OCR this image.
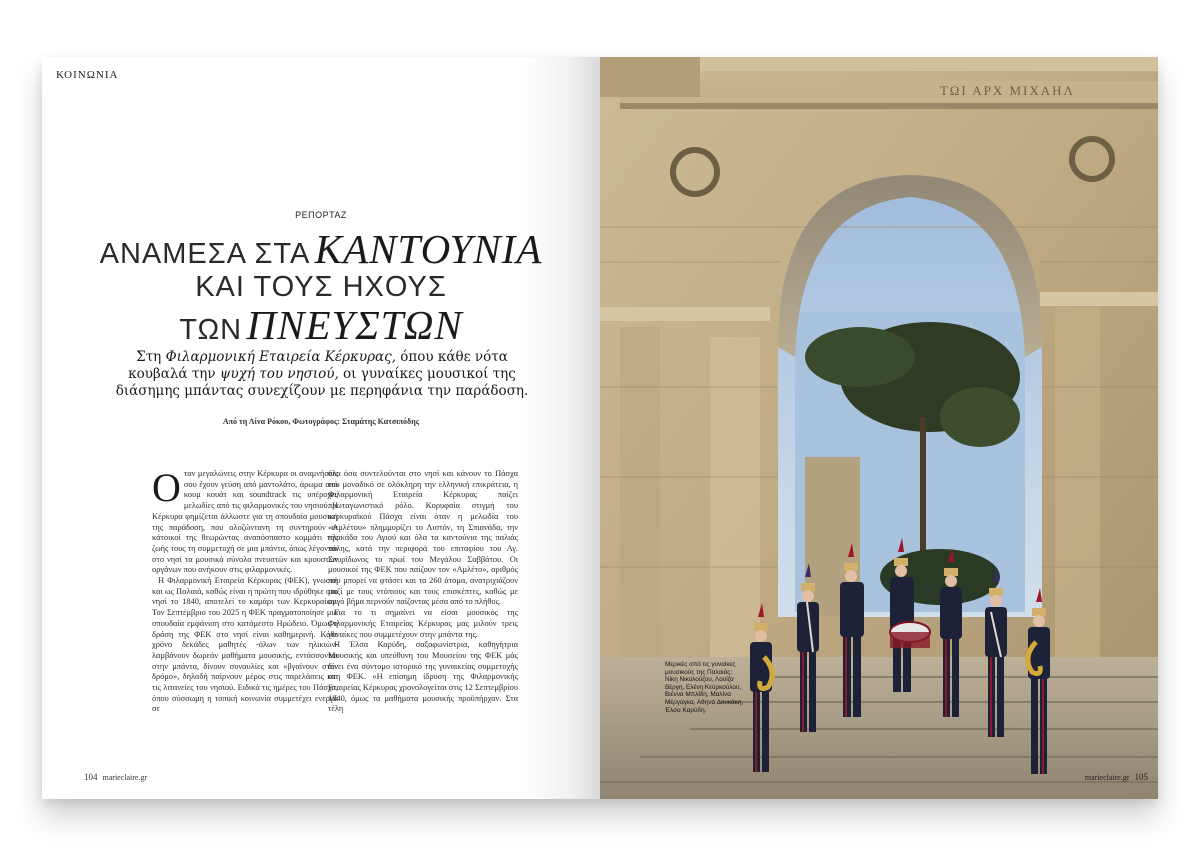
ΚΟΙΝΩΝΙΑ
ΡΕΠΟΡΤΑΖ
ΑΝΑΜΕΣΑ ΣΤΑ ΚΑΝΤΟΥΝΙΑ
ΚΑΙ ΤΟΥΣ ΗΧΟΥΣ
ΤΩΝ ΠΝΕΥΣΤΩΝ
Στη Φιλαρμονική Εταιρεία Κέρκυρας, όπου κάθε νότα κουβαλά την ψυχή του νησιού, οι γυναίκες μουσικοί της διάσημης μπάντας συνεχίζουν με περηφάνια την παράδοση.
Από τη Λίνα Ρόκου, Φωτογράφος: Σταμάτης Κατσιπόδης

Οταν μεγαλώνεις στην Κέρκυρα οι αναμνήσεις σου έχουν γεύση από μαντολάτο, άρωμα από κουμ κουάτ και soundtrack τις υπέροχες μελωδίες από τις φιλαρμονικές του νησιού. Η Κέρκυρα φημίζεται άλλωστε για τη σπουδαία μουσική της παράδοση, που ολοζώντανη τη συντηρούν οι κάτοικοί της θεωρώντας αναπόσπαστο κομμάτι της ζωής τους τη συμμετοχή σε μια μπάντα, όπως λέγονται στο νησί τα μουσικά σύνολα πνευστών και κρουστών οργάνων που ανήκουν στις φιλαρμονικές.

Η Φιλαρμονική Εταιρεία Κέρκυρας (ΦΕΚ), γνωστή και ως Παλαιά, καθώς είναι η πρώτη που ιδρύθηκε στο νησί το 1840, αποτελεί το καμάρι των Κερκυραίων. Τον Σεπτέμβριο του 2025 η ΦΕΚ πραγματοποίησε μια σπουδαία εμφάνιση στο κατάμεστο Ηρώδειο. Όμως η δράση της ΦΕΚ στο νησί είναι καθημερινή. Κάθε χρόνο δεκάδες μαθητές -όλων των ηλικιών- λαμβάνουν δωρεάν μαθήματα μουσικής, εντάσσονται στην μπάντα, δίνουν συναυλίες και «βγαίνουν στον δρόμο», δηλαδή παίρνουν μέρος στις παρελάσεις και τις λιτανείες του νησιού. Ειδικά τις ημέρες του Πάσχα, όπου σύσσωμη η τοπική κοινωνία συμμετέχει ενεργά σε

όλα όσα συντελούνται στο νησί και κάνουν το Πάσχα του μοναδικό σε ολόκληρη την ελληνική επικράτεια, η Φιλαρμονική Εταιρεία Κέρκυρας παίζει πρωταγωνιστικό ρόλο. Κορυφαία στιγμή του κερκυραϊκού Πάσχα είναι όταν η μελωδία του «Αμλέτου» πλημμυρίζει το Λιστόν, τη Σπιανάδα, την πλακάδα του Αγιού και όλα τα καντούνια της παλιάς πόλης, κατά την περιφορά του επιταφίου του Αγ. Σπυρίδωνος το πρωί του Μεγάλου Σαββάτου. Οι μουσικοί της ΦΕΚ που παίζουν τον «Αμλέτο», αριθμός που μπορεί να φτάσει και τα 260 άτομα, ανατριχιάζουν μαζί με τους ντόπιους και τους επισκέπτες, καθώς με αργό βήμα περνούν παίζοντας μέσα από το πλήθος.

Για το τι σημαίνει να είσαι μουσικός της Φιλαρμονικής Εταιρείας Κέρκυρας μας μιλούν τρεις γυναίκες που συμμετέχουν στην μπάντα της.

Η Έλσα Καρύδη, σαξοφωνίστρια, καθηγήτρια Μουσικής και υπεύθυνη του Μουσείου της ΦΕΚ μάς δίνει ένα σύντομο ιστορικό της γυναικείας συμμετοχής στη ΦΕΚ. «Η επίσημη ίδρυση της Φιλαρμονικής Εταιρείας Κέρκυρας χρονολογείται στις 12 Σεπτεμβρίου 1840, όμως τα μαθήματα μουσικής προϋπήρχαν. Στα τέλη

104 marieclaire.gr
ΤΩΙ ΑΡΧ ΜΙΧΑΗΛ
Μερικές από τις γυναίκες μουσικούς της Παλαιάς: Νίκη Νικολούζου, Λουίζα Βέργη, Ελένη Κεϋρκούλου, Βιέννα Μπλίδη, Μαλίνα Μέργαγκα, Αθηνά Δουκάκη, Έλσα Καρύδη.
marieclaire.gr 105
